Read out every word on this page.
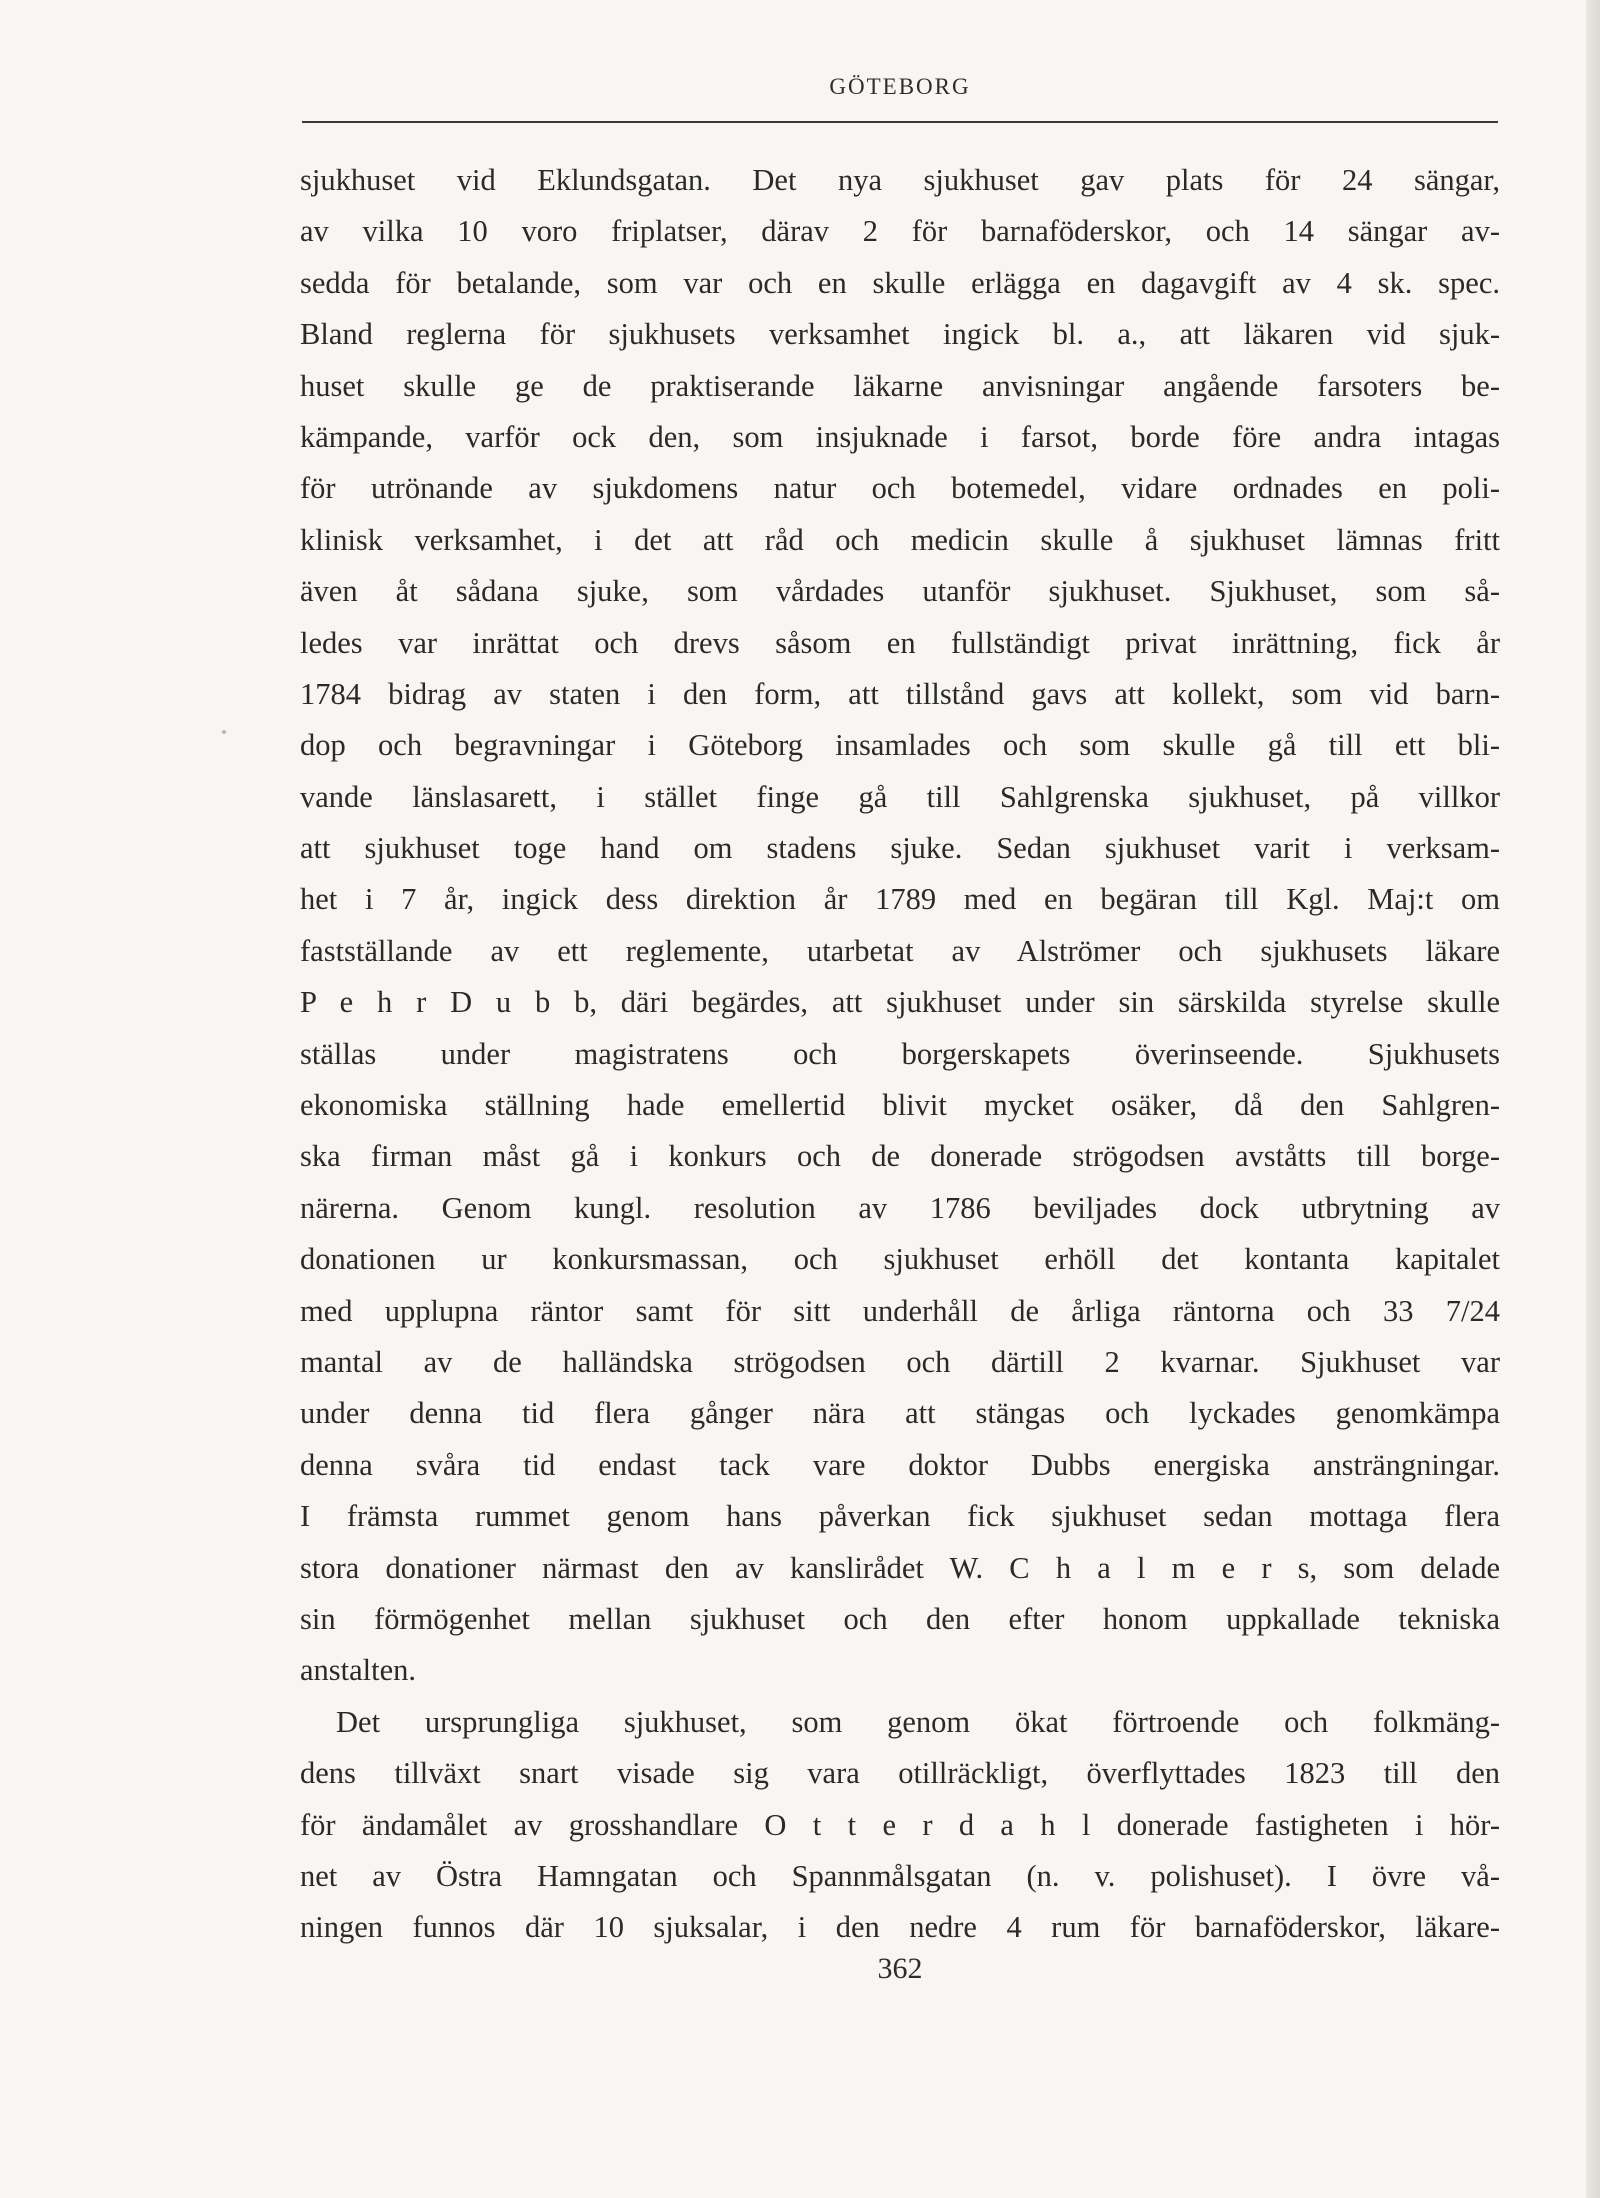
GÖTEBORG
sjukhuset vid Eklundsgatan. Det nya sjukhuset gav plats för 24 sängar,
av vilka 10 voro friplatser, därav 2 för barnaföderskor, och 14 sängar av-
sedda för betalande, som var och en skulle erlägga en dagavgift av 4 sk. spec.
Bland reglerna för sjukhusets verksamhet ingick bl. a., att läkaren vid sjuk-
huset skulle ge de praktiserande läkarne anvisningar angående farsoters be-
kämpande, varför ock den, som insjuknade i farsot, borde före andra intagas
för utrönande av sjukdomens natur och botemedel, vidare ordnades en poli-
klinisk verksamhet, i det att råd och medicin skulle å sjukhuset lämnas fritt
även åt sådana sjuke, som vårdades utanför sjukhuset. Sjukhuset, som så-
ledes var inrättat och drevs såsom en fullständigt privat inrättning, fick år
1784 bidrag av staten i den form, att tillstånd gavs att kollekt, som vid barn-
dop och begravningar i Göteborg insamlades och som skulle gå till ett bli-
vande länslasarett, i stället finge gå till Sahlgrenska sjukhuset, på villkor
att sjukhuset toge hand om stadens sjuke. Sedan sjukhuset varit i verksam-
het i 7 år, ingick dess direktion år 1789 med en begäran till Kgl. Maj:t om
fastställande av ett reglemente, utarbetat av Alströmer och sjukhusets läkare
P e h r D u b b, däri begärdes, att sjukhuset under sin särskilda styrelse skulle
ställas under magistratens och borgerskapets överinseende. Sjukhusets
ekonomiska ställning hade emellertid blivit mycket osäker, då den Sahlgren-
ska firman måst gå i konkurs och de donerade strögodsen avståtts till borge-
närerna. Genom kungl. resolution av 1786 beviljades dock utbrytning av
donationen ur konkursmassan, och sjukhuset erhöll det kontanta kapitalet
med upplupna räntor samt för sitt underhåll de årliga räntorna och 33 7/24
mantal av de halländska strögodsen och därtill 2 kvarnar. Sjukhuset var
under denna tid flera gånger nära att stängas och lyckades genomkämpa
denna svåra tid endast tack vare doktor Dubbs energiska ansträngningar.
I främsta rummet genom hans påverkan fick sjukhuset sedan mottaga flera
stora donationer närmast den av kanslirådet W. C h a l m e r s, som delade
sin förmögenhet mellan sjukhuset och den efter honom uppkallade tekniska
anstalten.
Det ursprungliga sjukhuset, som genom ökat förtroende och folkmäng-
dens tillväxt snart visade sig vara otillräckligt, överflyttades 1823 till den
för ändamålet av grosshandlare O t t e r d a h l donerade fastigheten i hör-
net av Östra Hamngatan och Spannmålsgatan (n. v. polishuset). I övre vå-
ningen funnos där 10 sjuksalar, i den nedre 4 rum för barnaföderskor, läkare-
362
